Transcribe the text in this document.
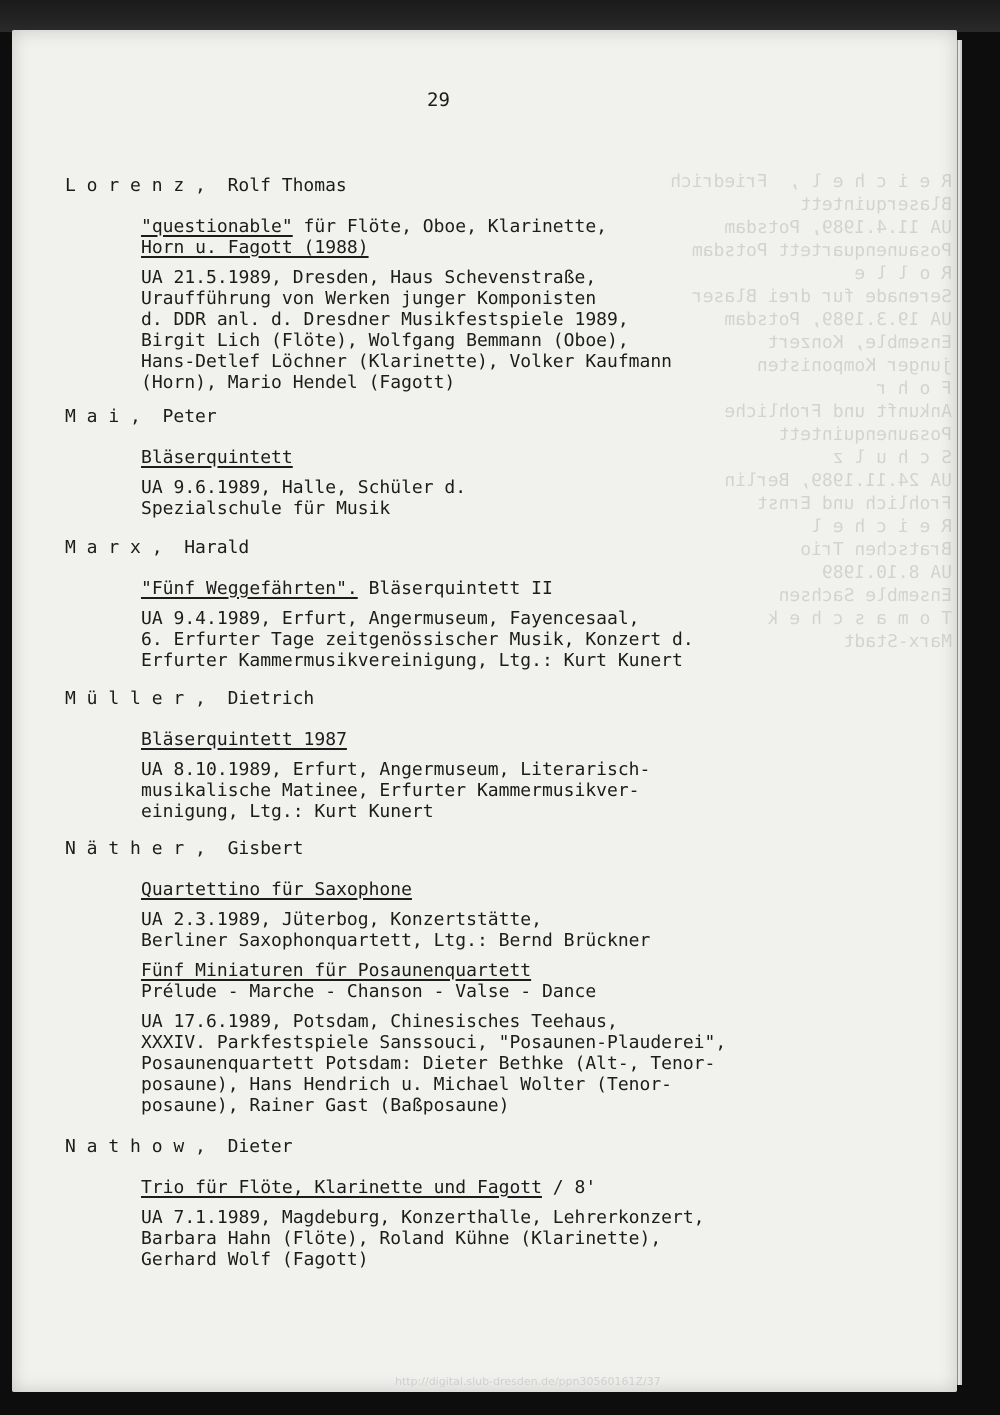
R e i c h e l ,  Friedrich
Blaserquintett
UA 11.4.1989, Potsdam
Posaunenquartett Potsdam
R o l l e
Serenade fur drei Blaser
UA 19.3.1989, Potsdam
Ensemble, Konzert
junger Komponisten
F o h r
Ankunft und Frohliche
Posaunenquintett
S c h u l z
UA 24.11.1989, Berlin
Frohlich und Ernst
R e i c h e l
Bratschen Trio
UA 8.10.1989
Ensemble Sachsen
T o m a s c h e k
Marx-Stadt
29
L o r e n z ,  Rolf Thomas
"questionable" für Flöte, Oboe, Klarinette,
Horn u. Fagott (1988)
UA 21.5.1989, Dresden, Haus Schevenstraße,
Uraufführung von Werken junger Komponisten
d. DDR anl. d. Dresdner Musikfestspiele 1989,
Birgit Lich (Flöte), Wolfgang Bemmann (Oboe),
Hans-Detlef Löchner (Klarinette), Volker Kaufmann
(Horn), Mario Hendel (Fagott)
M a i ,  Peter
Bläserquintett
UA 9.6.1989, Halle, Schüler d.
Spezialschule für Musik
M a r x ,  Harald
"Fünf Weggefährten". Bläserquintett II
UA 9.4.1989, Erfurt, Angermuseum, Fayencesaal,
6. Erfurter Tage zeitgenössischer Musik, Konzert d.
Erfurter Kammermusikvereinigung, Ltg.: Kurt Kunert
M ü l l e r ,  Dietrich
Bläserquintett 1987
UA 8.10.1989, Erfurt, Angermuseum, Literarisch-
musikalische Matinee, Erfurter Kammermusikver-
einigung, Ltg.: Kurt Kunert
N ä t h e r ,  Gisbert
Quartettino für Saxophone
UA 2.3.1989, Jüterbog, Konzertstätte,
Berliner Saxophonquartett, Ltg.: Bernd Brückner
Fünf Miniaturen für Posaunenquartett
Prélude - Marche - Chanson - Valse - Dance
UA 17.6.1989, Potsdam, Chinesisches Teehaus,
XXXIV. Parkfestspiele Sanssouci, "Posaunen-Plauderei",
Posaunenquartett Potsdam: Dieter Bethke (Alt-, Tenor-
posaune), Hans Hendrich u. Michael Wolter (Tenor-
posaune), Rainer Gast (Baßposaune)
N a t h o w ,  Dieter
Trio für Flöte, Klarinette und Fagott / 8'
UA 7.1.1989, Magdeburg, Konzerthalle, Lehrerkonzert,
Barbara Hahn (Flöte), Roland Kühne (Klarinette),
Gerhard Wolf (Fagott)
http://digital.slub-dresden.de/ppn30560161Z/37
